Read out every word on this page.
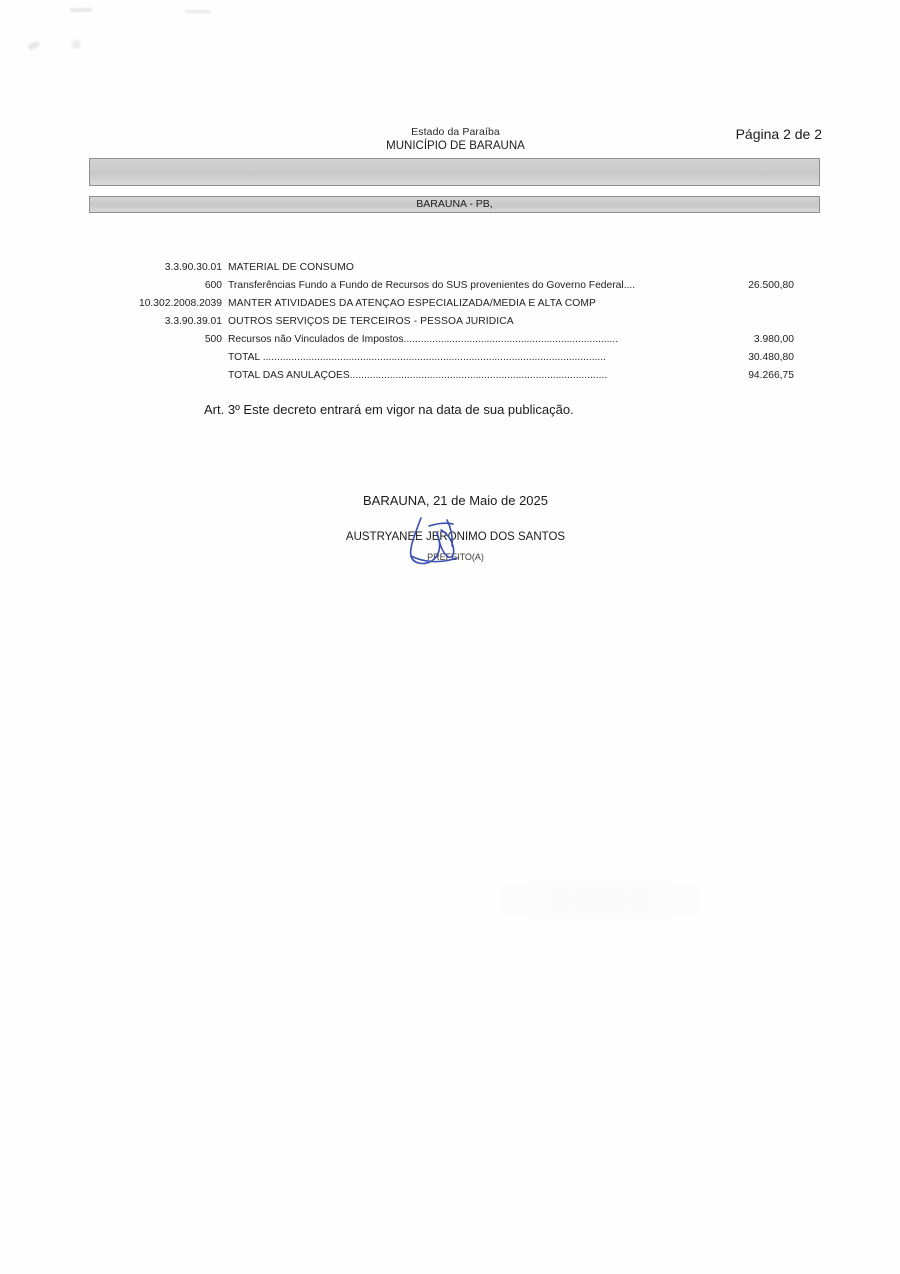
Estado da Paraíba
MUNICÍPIO DE BARAUNA
Página 2 de 2
BARAUNA - PB,
3.3.90.30.01 MATERIAL DE CONSUMO
600 Transferências Fundo a Fundo de Recursos do SUS provenientes do Governo Federal....	26.500,80
10.302.2008.2039 MANTER ATIVIDADES DA ATENÇÃO ESPECIALIZADA/MÉDIA E ALTA COMP
3.3.90.39.01 OUTROS SERVIÇOS DE TERCEIROS - PESSOA JURÍDICA
500 Recursos não Vinculados de Impostos...........................................................................	3.980,00
TOTAL ........................................................................................................................	30.480,80
TOTAL DAS ANULAÇÕES..........................................................................................	94.266,75
Art. 3º Este decreto entrará em vigor na data de sua publicação.
BARAUNA, 21 de Maio de 2025
AUSTRYANEE JERONIMO DOS SANTOS
PREFEITO(A)
